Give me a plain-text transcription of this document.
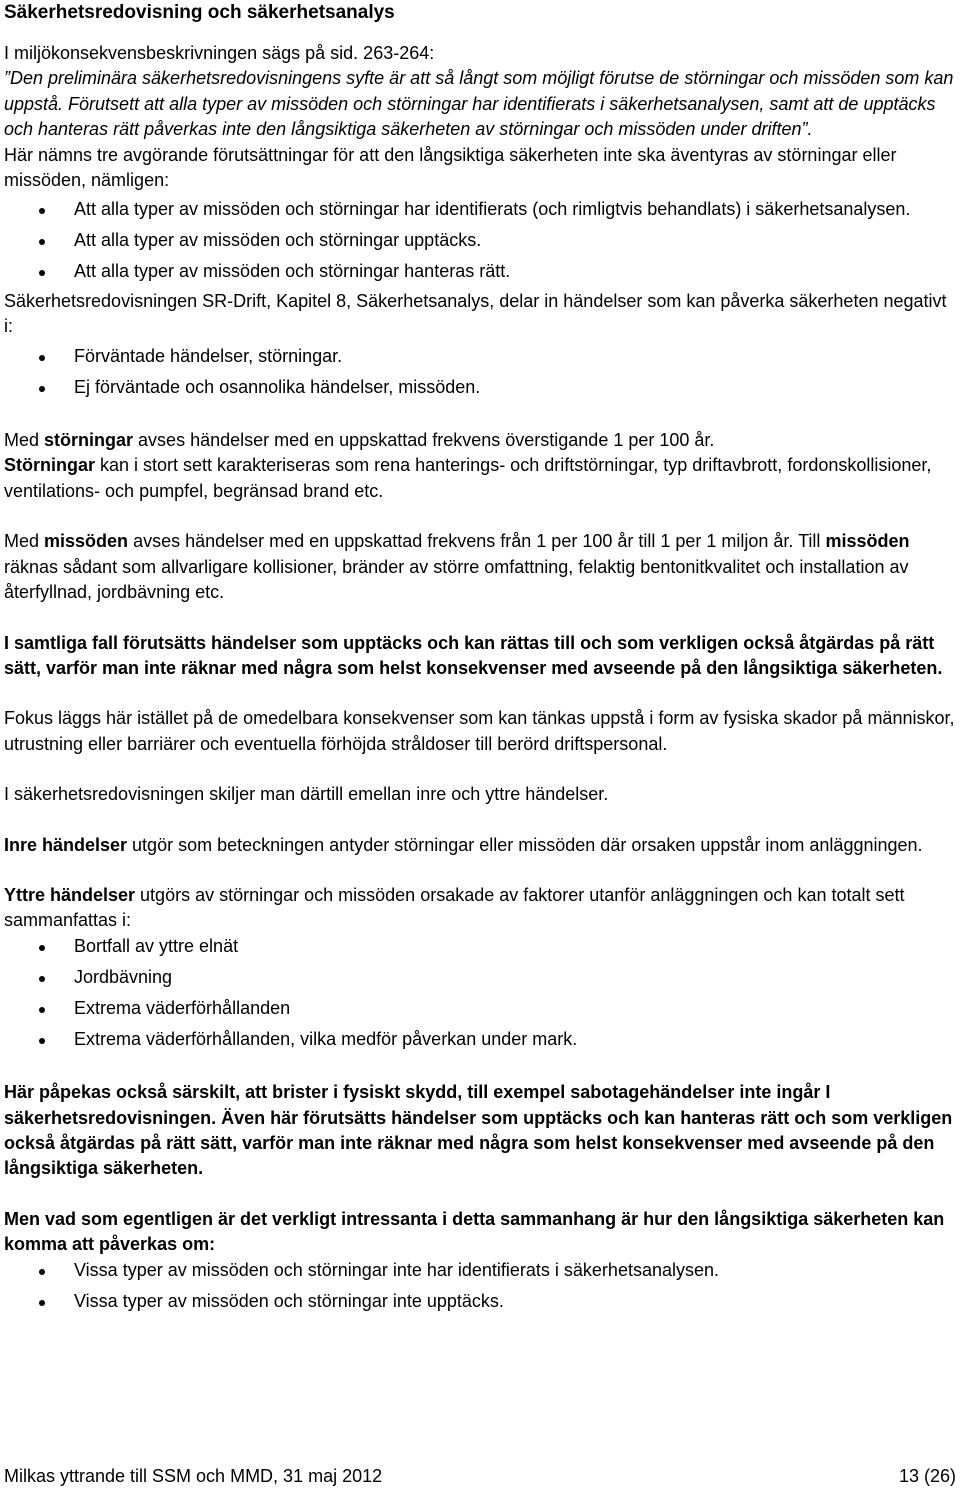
Säkerhetsredovisning och säkerhetsanalys

I miljökonsekvensbeskrivningen sägs på sid. 263-264:

”Den preliminära säkerhetsredovisningens syfte är att så långt som möjligt förutse de störningar och missöden som kan uppstå. Förutsett att alla typer av missöden och störningar har identifierats i säkerhetsanalysen, samt att de upptäcks och hanteras rätt påverkas inte den långsiktiga säkerheten av störningar och missöden under driften”.

Här nämns tre avgörande förutsättningar för att den långsiktiga säkerheten inte ska äventyras av störningar eller missöden, nämligen:

Att alla typer av missöden och störningar har identifierats (och rimligtvis behandlats) i säkerhetsanalysen.
Att alla typer av missöden och störningar upptäcks.
Att alla typer av missöden och störningar hanteras rätt.

Säkerhetsredovisningen SR-Drift, Kapitel 8, Säkerhetsanalys, delar in händelser som kan påverka säkerheten negativt i:

Förväntade händelser, störningar.
Ej förväntade och osannolika händelser, missöden.

Med störningar avses händelser med en uppskattad frekvens överstigande 1 per 100 år.

Störningar kan i stort sett karakteriseras som rena hanterings- och driftstörningar, typ driftavbrott, fordonskollisioner, ventilations- och pumpfel, begränsad brand etc.

Med missöden avses händelser med en uppskattad frekvens från 1 per 100 år till 1 per 1 miljon år. Till missöden räknas sådant som allvarligare kollisioner, bränder av större omfattning, felaktig bentonitkvalitet och installation av återfyllnad, jordbävning etc.

I samtliga fall förutsätts händelser som upptäcks och kan rättas till och som verkligen också åtgärdas på rätt sätt, varför man inte räknar med några som helst konsekvenser med avseende på den långsiktiga säkerheten.

Fokus läggs här istället på de omedelbara konsekvenser som kan tänkas uppstå i form av fysiska skador på människor, utrustning eller barriärer och eventuella förhöjda stråldoser till berörd driftspersonal.

I säkerhetsredovisningen skiljer man därtill emellan inre och yttre händelser.

Inre händelser utgör som beteckningen antyder störningar eller missöden där orsaken uppstår inom anläggningen.

Yttre händelser utgörs av störningar och missöden orsakade av faktorer utanför anläggningen och kan totalt sett sammanfattas i:

Bortfall av yttre elnät
Jordbävning
Extrema väderförhållanden
Extrema väderförhållanden, vilka medför påverkan under mark.

Här påpekas också särskilt, att brister i fysiskt skydd, till exempel sabotagehändelser inte ingår I säkerhetsredovisningen. Även här förutsätts händelser som upptäcks och kan hanteras rätt och som verkligen också åtgärdas på rätt sätt, varför man inte räknar med några som helst konsekvenser med avseende på den långsiktiga säkerheten.

Men vad som egentligen är det verkligt intressanta i detta sammanhang är hur den långsiktiga säkerheten kan komma att påverkas om:

Vissa typer av missöden och störningar inte har identifierats i säkerhetsanalysen.
Vissa typer av missöden och störningar inte upptäcks.
Milkas yttrande till SSM och MMD, 31 maj 2012	13 (26)
